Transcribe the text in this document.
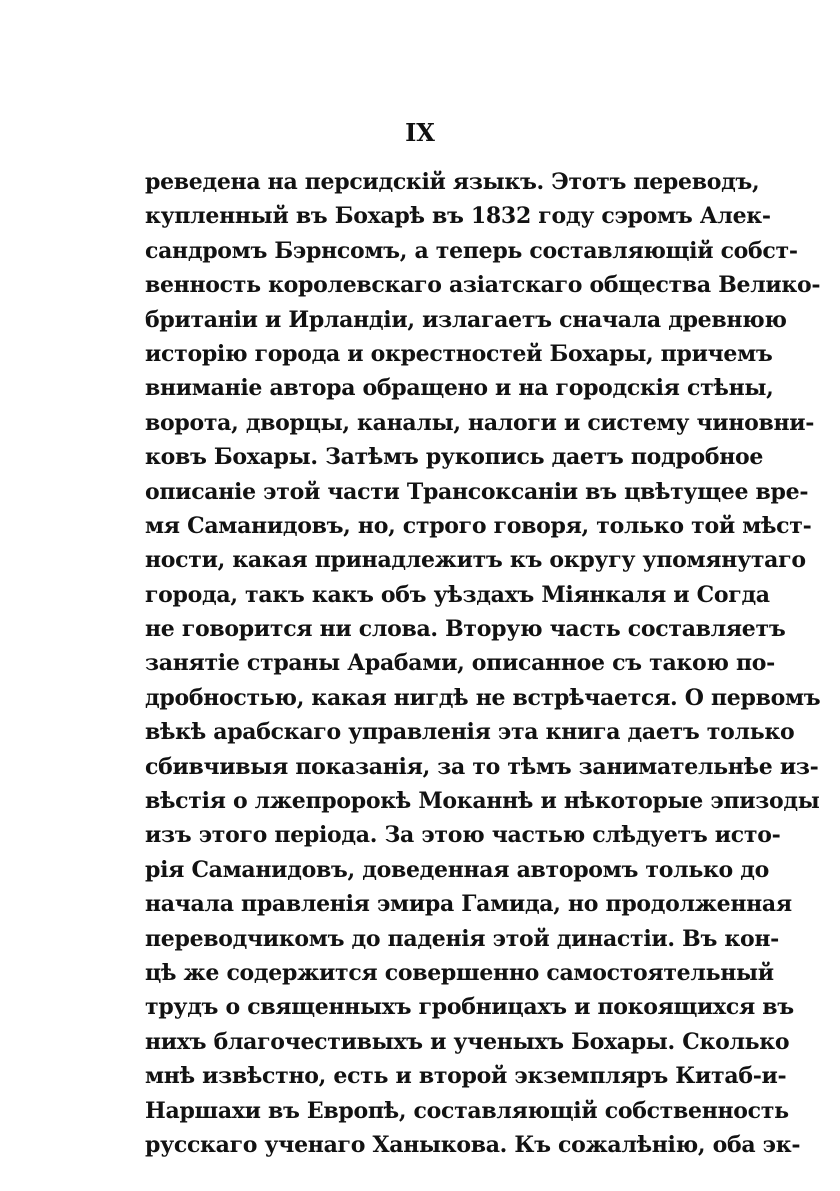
IX
реведена на персидскій языкъ. Этотъ переводъ,
купленный въ Бохарѣ въ 1832 году сэромъ Алек-
сандромъ Бэрнсомъ, а теперь составляющій собст-
венность королевскаго азіатскаго общества Велико-
британіи и Ирландіи, излагаетъ сначала древнюю
исторію города и окрестностей Бохары, причемъ
вниманіе автора обращено и на городскія стѣны,
ворота, дворцы, каналы, налоги и систему чиновни-
ковъ Бохары. Затѣмъ рукопись даетъ подробное
описаніе этой части Трансоксаніи въ цвѣтущее вре-
мя Саманидовъ, но, строго говоря, только той мѣст-
ности, какая принадлежитъ къ округу упомянутаго
города, такъ какъ объ уѣздахъ Міянкаля и Согда
не говорится ни слова. Вторую часть составляетъ
занятіе страны Арабами, описанное съ такою по-
дробностью, какая нигдѣ не встрѣчается. О первомъ
вѣкѣ арабскаго управленія эта книга даетъ только
сбивчивыя показанія, за то тѣмъ занимательнѣе из-
вѣстія о лжепророкѣ Моканнѣ и нѣкоторые эпизоды
изъ этого періода. За этою частью слѣдуетъ исто-
рія Саманидовъ, доведенная авторомъ только до
начала правленія эмира Гамида, но продолженная
переводчикомъ до паденія этой династіи. Въ кон-
цѣ же содержится совершенно самостоятельный
трудъ о священныхъ гробницахъ и покоящихся въ
нихъ благочестивыхъ и ученыхъ Бохары. Сколько
мнѣ извѣстно, есть и второй экземпляръ Китаб-и-
Наршахи въ Европѣ, составляющій собственность
русскаго ученаго Ханыкова. Къ сожалѣнію, оба эк-
